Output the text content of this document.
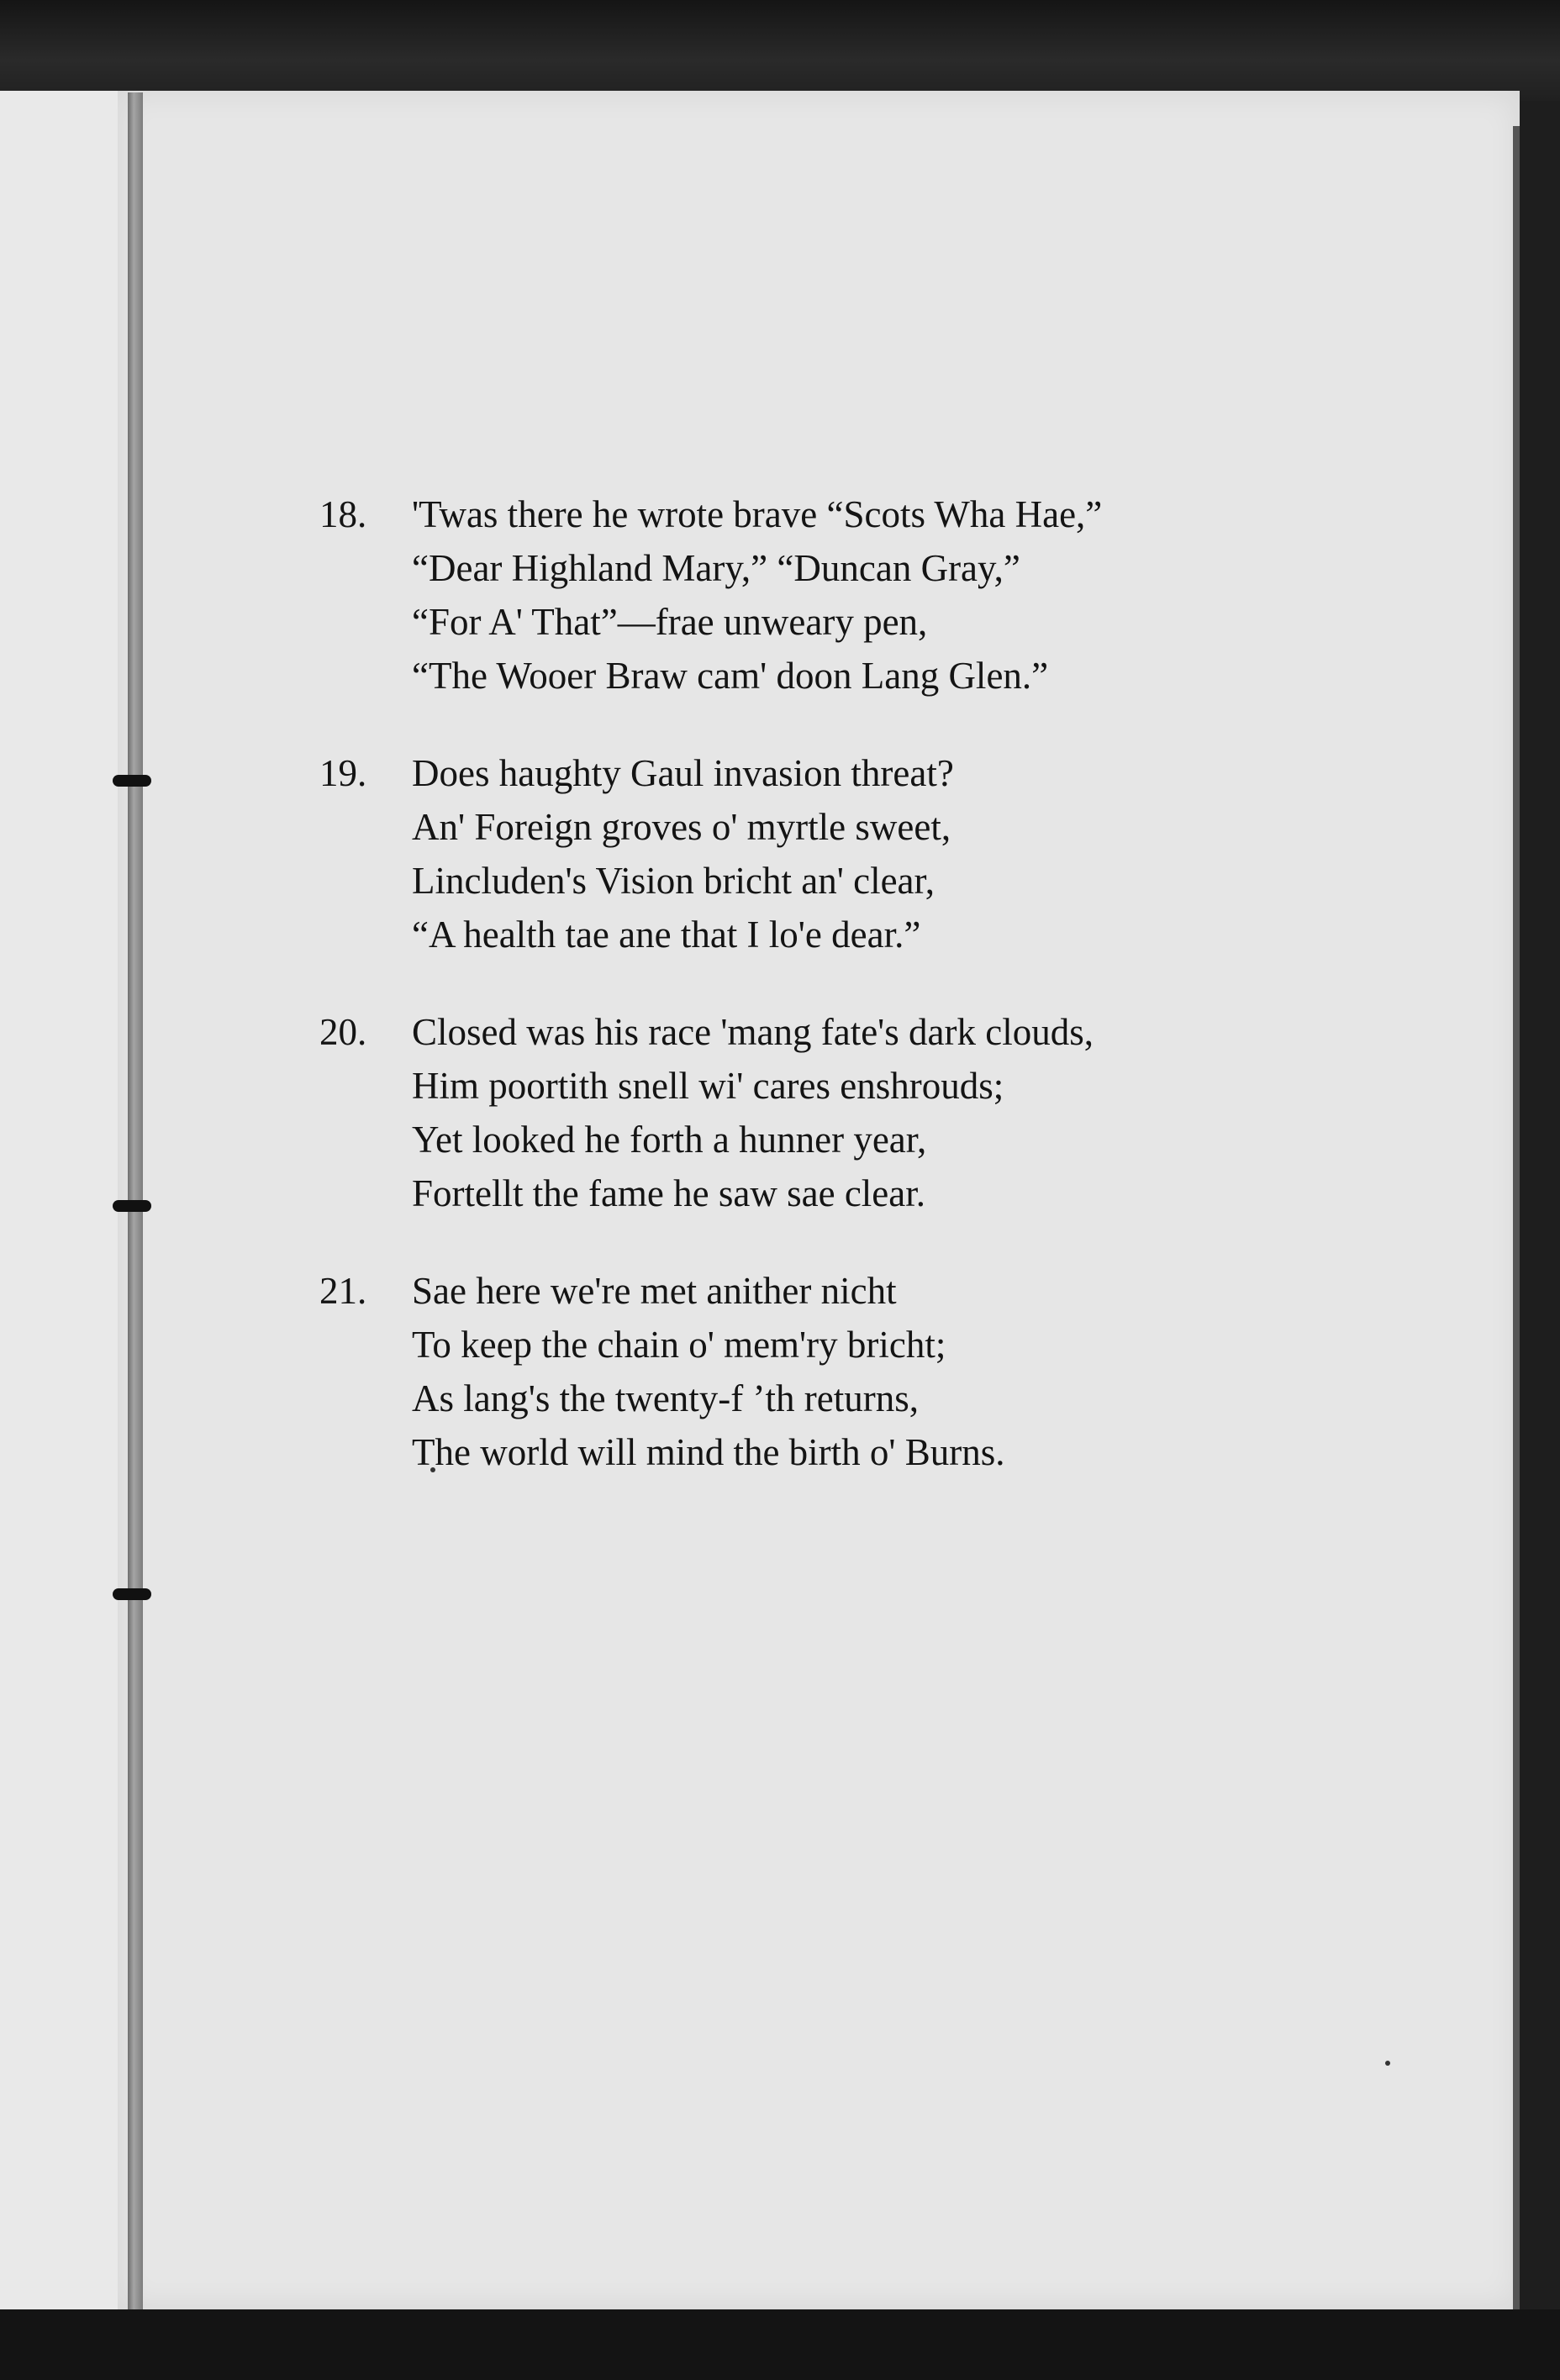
18.	'Twas there he wrote brave “Scots Wha Hae,”
“Dear Highland Mary,” “Duncan Gray,”
“For A' That”—frae unweary pen,
“The Wooer Braw cam' doon Lang Glen.”
19.	Does haughty Gaul invasion threat?
An' Foreign groves o' myrtle sweet,
Lincluden's Vision bricht an' clear,
“A health tae ane that I lo'e dear.”
20.	Closed was his race 'mang fate's dark clouds,
Him poortith snell wi' cares enshrouds;
Yet looked he forth a hunner year,
Fortellt the fame he saw sae clear.
21.	Sae here we're met anither nicht
To keep the chain o' mem'ry bricht;
As lang's the twenty-f ʼth returns,
The world will mind the birth o' Burns.
